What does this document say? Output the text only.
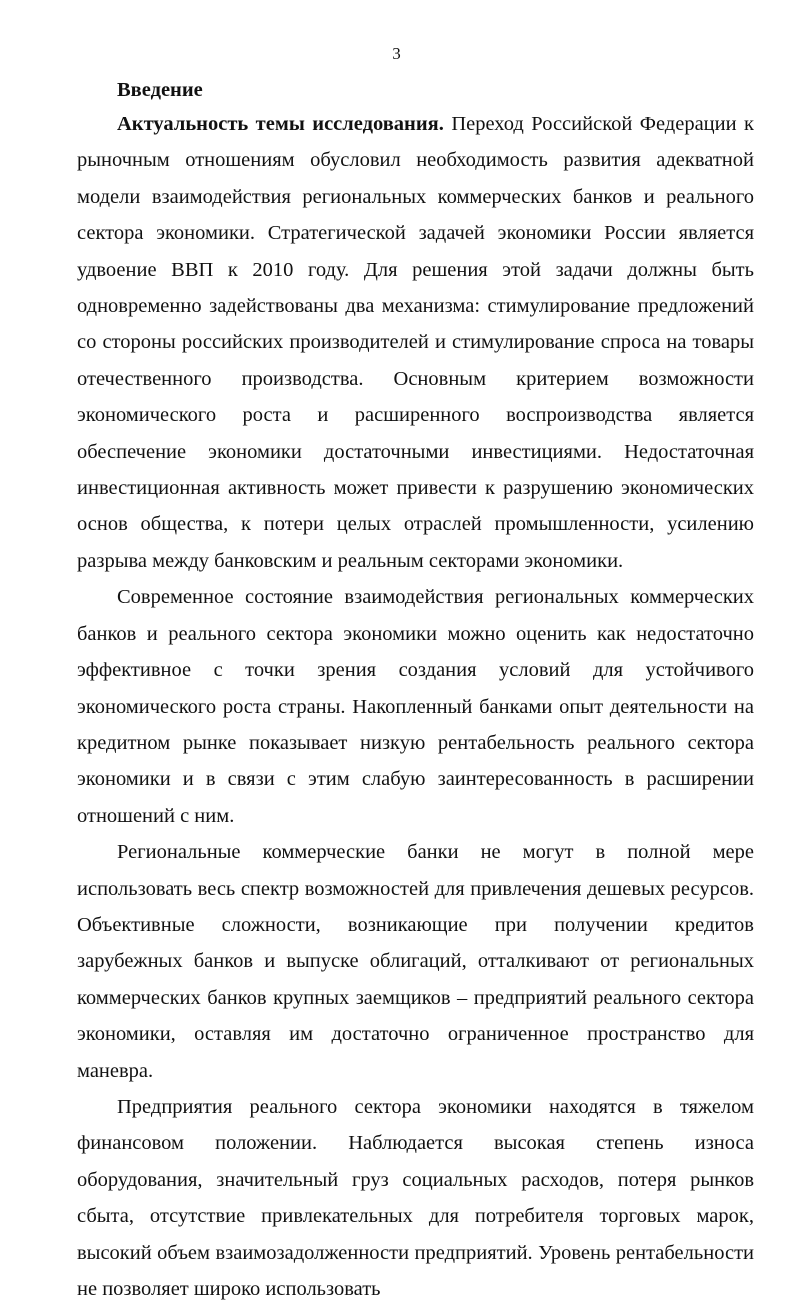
3
Введение

Актуальность темы исследования. Переход Российской Федерации к рыночным отношениям обусловил необходимость развития адекватной модели взаимодействия региональных коммерческих банков и реального сектора экономики. Стратегической задачей экономики России является удвоение ВВП к 2010 году. Для решения этой задачи должны быть одновременно задействованы два механизма: стимулирование предложений со стороны российских производителей и стимулирование спроса на товары отечественного производства. Основным критерием возможности экономического роста и расширенного воспроизводства является обеспечение экономики достаточными инвестициями. Недостаточная инвестиционная активность может привести к разрушению экономических основ общества, к потери целых отраслей промышленности, усилению разрыва между банковским и реальным секторами экономики.

Современное состояние взаимодействия региональных коммерческих банков и реального сектора экономики можно оценить как недостаточно эффективное с точки зрения создания условий для устойчивого экономического роста страны. Накопленный банками опыт деятельности на кредитном рынке показывает низкую рентабельность реального сектора экономики и в связи с этим слабую заинтересованность в расширении отношений с ним.

Региональные коммерческие банки не могут в полной мере использовать весь спектр возможностей для привлечения дешевых ресурсов. Объективные сложности, возникающие при получении кредитов зарубежных банков и выпуске облигаций, отталкивают от региональных коммерческих банков крупных заемщиков – предприятий реального сектора экономики, оставляя им достаточно ограниченное пространство для маневра.

Предприятия реального сектора экономики находятся в тяжелом финансовом положении. Наблюдается высокая степень износа оборудования, значительный груз социальных расходов, потеря рынков сбыта, отсутствие привлекательных для потребителя торговых марок, высокий объем взаимозадолженности предприятий. Уровень рентабельности не позволяет широко использовать
